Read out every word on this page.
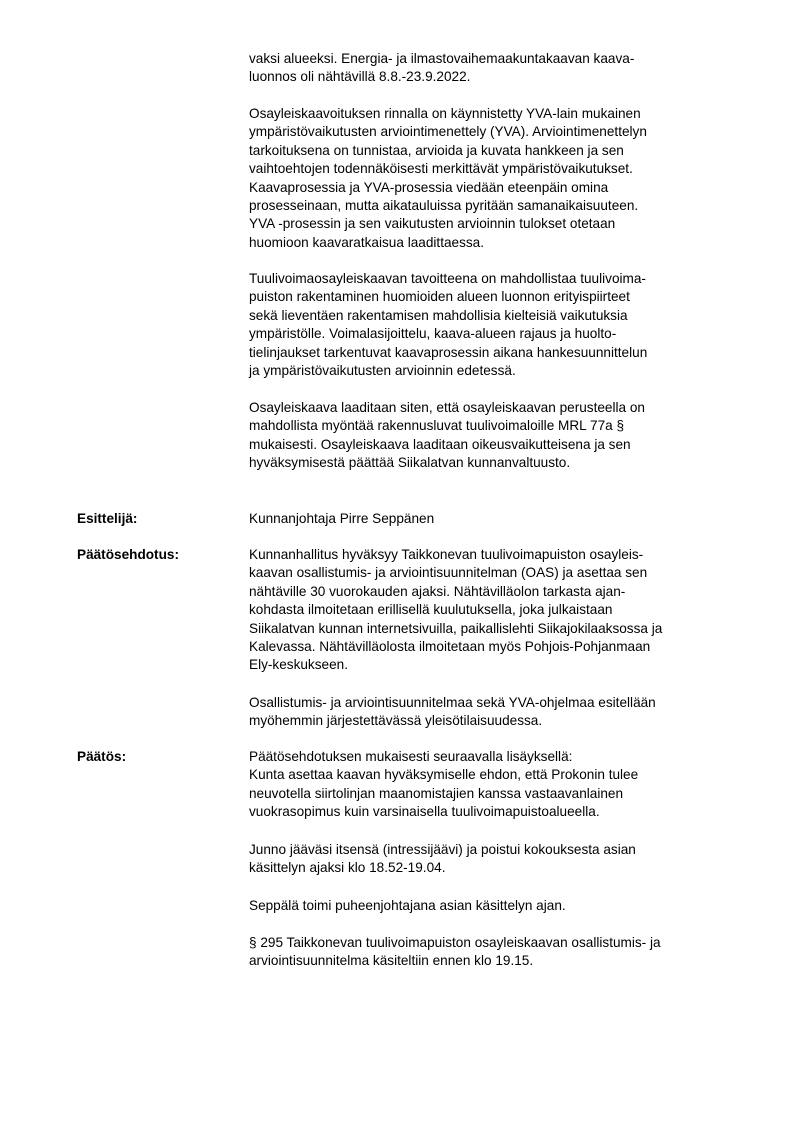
vaksi alueeksi. Energia- ja ilmastovaihemaakuntakaavan kaava-
luonnos oli nähtävillä 8.8.-23.9.2022.
Osayleiskaavoituksen rinnalla on käynnistetty YVA-lain mukainen
ympäristövaikutusten arviointimenettely (YVA). Arviointimenettelyn
tarkoituksena on tunnistaa, arvioida ja kuvata hankkeen ja sen
vaihtoehtojen todennäköisesti merkittävät ympäristövaikutukset.
Kaavaprosessia ja YVA-prosessia viedään eteenpäin omina
prosesseinaan, mutta aikatauluissa pyritään samanaikaisuuteen.
YVA -prosessin ja sen vaikutusten arvioinnin tulokset otetaan
huomioon kaavaratkaisua laadittaessa.
Tuulivoimaosayleiskaavan tavoitteena on mahdollistaa tuulivoima-
puiston rakentaminen huomioiden alueen luonnon erityispiirteet
sekä lieventäen rakentamisen mahdollisia kielteisiä vaikutuksia
ympäristölle. Voimalasijoittelu, kaava-alueen rajaus ja huolto-
tielinjaukset tarkentuvat kaavaprosessin aikana hankesuunnittelun
ja ympäristövaikutusten arvioinnin edetessä.
Osayleiskaava laaditaan siten, että osayleiskaavan perusteella on
mahdollista myöntää rakennusluvat tuulivoimaloille MRL 77a §
mukaisesti. Osayleiskaava laaditaan oikeusvaikutteisena ja sen
hyväksymisestä päättää Siikalatvan kunnanvaltuusto.
Esittelijä:	Kunnanjohtaja Pirre Seppänen
Päätösehdotus:	Kunnanhallitus hyväksyy Taikkonevan tuulivoimapuiston osayleis-
kaavan osallistumis- ja arviointisuunnitelman (OAS) ja asettaa sen
nähtäville 30 vuorokauden ajaksi. Nähtävilläolon tarkasta ajan-
kohdasta ilmoitetaan erillisellä kuulutuksella, joka julkaistaan
Siikalatvan kunnan internetsivuilla, paikallislehti Siikajokilaaksossa ja
Kalevassa. Nähtävilläolosta ilmoitetaan myös Pohjois-Pohjanmaan
Ely-keskukseen.
Osallistumis- ja arviointisuunnitelmaa sekä YVA-ohjelmaa esitellään
myöhemmin järjestettävässä yleisötilaisuudessa.
Päätös:	Päätösehdotuksen mukaisesti seuraavalla lisäyksellä:
Kunta asettaa kaavan hyväksymiselle ehdon, että Prokonin tulee
neuvotella siirtolinjan maanomistajien kanssa vastaavanlainen
vuokrasopimus kuin varsinaisella tuulivoimapuistoalueella.
Junno jääväsi itsensä (intressijäävi) ja poistui kokouksesta asian
käsittelyn ajaksi klo 18.52-19.04.
Seppälä toimi puheenjohtajana asian käsittelyn ajan.
§ 295 Taikkonevan tuulivoimapuiston osayleiskaavan osallistumis- ja
arviointisuunnitelma käsiteltiin ennen klo 19.15.
